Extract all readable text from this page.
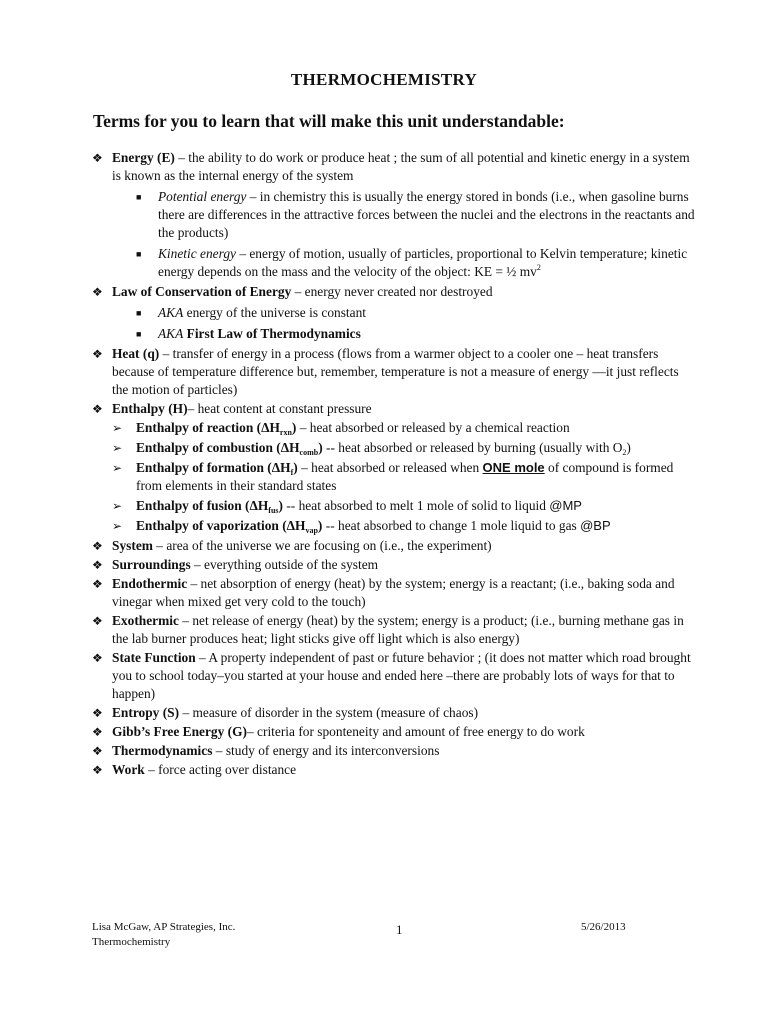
THERMOCHEMISTRY
Terms for you to learn that will make this unit understandable:
❖ Energy (E) – the ability to do work or produce heat ; the sum of all potential and kinetic energy in a system is known as the internal energy of the system
■	Potential energy – in chemistry this is usually the energy stored in bonds (i.e., when gasoline burns there are differences in the attractive forces between the nuclei and the electrons in the reactants and the products)
■	Kinetic energy – energy of motion, usually of particles, proportional to Kelvin temperature; kinetic energy depends on the mass and the velocity of the object: KE = ½ $mv^2$
❖ Law of Conservation of Energy – energy never created nor destroyed
■	AKA energy of the universe is constant
■	AKA First Law of Thermodynamics
❖ Heat (q) – transfer of energy in a process (flows from a warmer object to a cooler one – heat transfers because of temperature difference but, remember, temperature is not a measure of energy —it just reflects the motion of particles)
❖ Enthalpy (H)– heat content at constant pressure
➢	Enthalpy of reaction $(\Delta H_{rxn})$ – heat absorbed or released by a chemical reaction
➢	Enthalpy of combustion $(\Delta H_{comb})$ -- heat absorbed or released by burning (usually with $O_2$)
➢	Enthalpy of formation $(\Delta H_f)$ – heat absorbed or released when ONE mole of compound is formed from elements in their standard states
➢	Enthalpy of fusion $(\Delta H_{fus})$ -- heat absorbed to melt 1 mole of solid to liquid @MP
➢	Enthalpy of vaporization $(\Delta H_{vap})$ -- heat absorbed to change 1 mole liquid to gas @BP
❖ System – area of the universe we are focusing on (i.e., the experiment)
❖ Surroundings – everything outside of the system
❖ Endothermic – net absorption of energy (heat) by the system; energy is a reactant; (i.e., baking soda and vinegar when mixed get very cold to the touch)
❖ Exothermic – net release of energy (heat) by the system; energy is a product; (i.e., burning methane gas in the lab burner produces heat; light sticks give off light which is also energy)
❖ State Function – A property independent of past or future behavior ; (it does not matter which road brought you to school today–you started at your house and ended here –there are probably lots of ways for that to happen)
❖ Entropy (S) – measure of disorder in the system (measure of chaos)
❖ Gibb’s Free Energy (G)– criteria for sponteneity and amount of free energy to do work
❖ Thermodynamics – study of energy and its interconversions
❖ Work – force acting over distance
Lisa McGaw, AP Strategies, Inc.
Thermochemistry
1	5/26/2013
